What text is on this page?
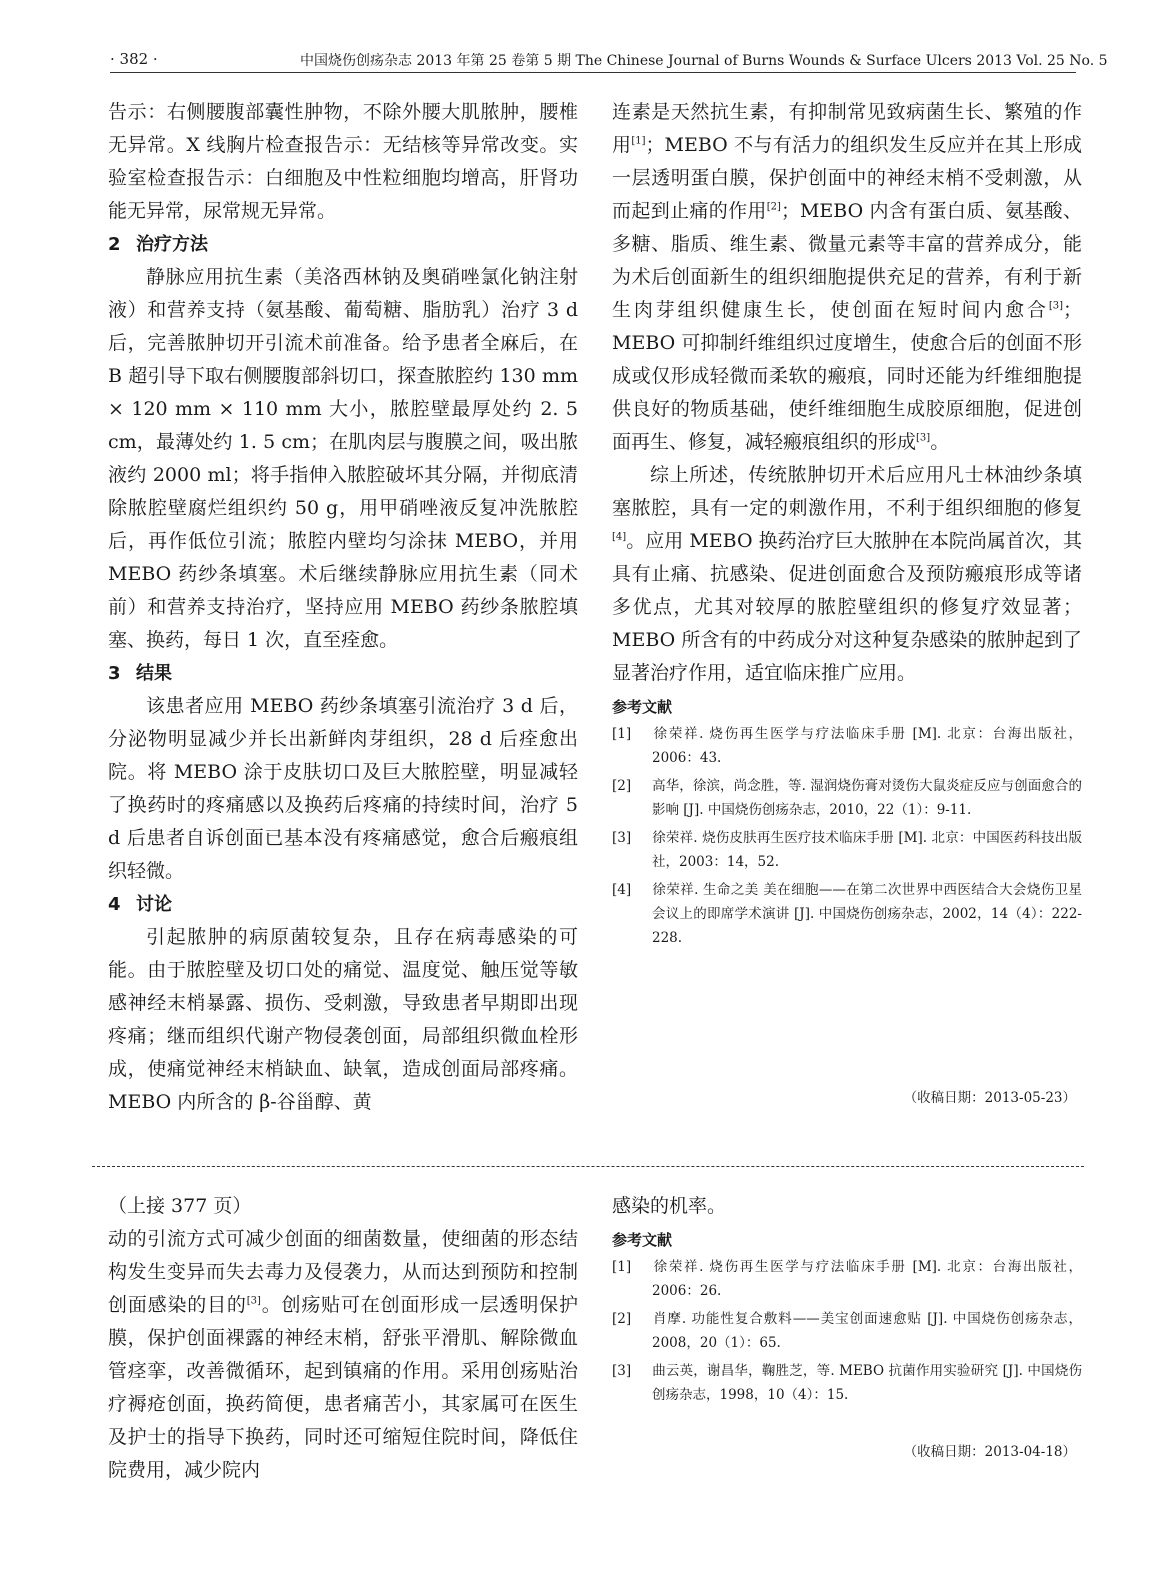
· 382 ·	中国烧伤创疡杂志 2013 年第 25 卷第 5 期 The Chinese Journal of Burns Wounds & Surface Ulcers 2013 Vol. 25 No. 5

告示：右侧腰腹部囊性肿物，不除外腰大肌脓肿，腰椎无异常。X 线胸片检查报告示：无结核等异常改变。实验室检查报告示：白细胞及中性粒细胞均增高，肝肾功能无异常，尿常规无异常。

2 治疗方法

静脉应用抗生素（美洛西林钠及奥硝唑氯化钠注射液）和营养支持（氨基酸、葡萄糖、脂肪乳）治疗 3 d 后，完善脓肿切开引流术前准备。给予患者全麻后，在 B 超引导下取右侧腰腹部斜切口，探查脓腔约 130 mm × 120 mm × 110 mm 大小，脓腔壁最厚处约 2. 5 cm，最薄处约 1. 5 cm；在肌肉层与腹膜之间，吸出脓液约 2000 ml；将手指伸入脓腔破坏其分隔，并彻底清除脓腔壁腐烂组织约 50 g，用甲硝唑液反复冲洗脓腔后，再作低位引流；脓腔内壁均匀涂抹 MEBO，并用 MEBO 药纱条填塞。术后继续静脉应用抗生素（同术前）和营养支持治疗，坚持应用 MEBO 药纱条脓腔填塞、换药，每日 1 次，直至痊愈。

3 结果

该患者应用 MEBO 药纱条填塞引流治疗 3 d 后，分泌物明显减少并长出新鲜肉芽组织，28 d 后痊愈出院。将 MEBO 涂于皮肤切口及巨大脓腔壁，明显减轻了换药时的疼痛感以及换药后疼痛的持续时间，治疗 5 d 后患者自诉创面已基本没有疼痛感觉，愈合后瘢痕组织轻微。

4 讨论

引起脓肿的病原菌较复杂，且存在病毒感染的可能。由于脓腔壁及切口处的痛觉、温度觉、触压觉等敏感神经末梢暴露、损伤、受刺激，导致患者早期即出现疼痛；继而组织代谢产物侵袭创面，局部组织微血栓形成，使痛觉神经末梢缺血、缺氧，造成创面局部疼痛。MEBO 内所含的 β-谷甾醇、黄

连素是天然抗生素，有抑制常见致病菌生长、繁殖的作用[1]；MEBO 不与有活力的组织发生反应并在其上形成一层透明蛋白膜，保护创面中的神经末梢不受刺激，从而起到止痛的作用[2]；MEBO 内含有蛋白质、氨基酸、多糖、脂质、维生素、微量元素等丰富的营养成分，能为术后创面新生的组织细胞提供充足的营养，有利于新生肉芽组织健康生长，使创面在短时间内愈合[3]；MEBO 可抑制纤维组织过度增生，使愈合后的创面不形成或仅形成轻微而柔软的瘢痕，同时还能为纤维细胞提供良好的物质基础，使纤维细胞生成胶原细胞，促进创面再生、修复，减轻瘢痕组织的形成[3]。

综上所述，传统脓肿切开术后应用凡士林油纱条填塞脓腔，具有一定的刺激作用，不利于组织细胞的修复[4]。应用 MEBO 换药治疗巨大脓肿在本院尚属首次，其具有止痛、抗感染、促进创面愈合及预防瘢痕形成等诸多优点，尤其对较厚的脓腔壁组织的修复疗效显著；MEBO 所含有的中药成分对这种复杂感染的脓肿起到了显著治疗作用，适宜临床推广应用。

参考文献

[1] 徐荣祥. 烧伤再生医学与疗法临床手册 [M]. 北京：台海出版社，2006：43.

[2] 高华，徐滨，尚念胜，等. 湿润烧伤膏对烫伤大鼠炎症反应与创面愈合的影响 [J]. 中国烧伤创疡杂志，2010，22（1）：9-11.

[3] 徐荣祥. 烧伤皮肤再生医疗技术临床手册 [M]. 北京：中国医药科技出版社，2003：14，52.

[4] 徐荣祥. 生命之美 美在细胞——在第二次世界中西医结合大会烧伤卫星会议上的即席学术演讲 [J]. 中国烧伤创疡杂志，2002，14（4）：222-228.

（收稿日期：2013-05-23）

（上接 377 页）

动的引流方式可减少创面的细菌数量，使细菌的形态结构发生变异而失去毒力及侵袭力，从而达到预防和控制创面感染的目的[3]。创疡贴可在创面形成一层透明保护膜，保护创面裸露的神经末梢，舒张平滑肌、解除微血管痉挛，改善微循环，起到镇痛的作用。采用创疡贴治疗褥疮创面，换药简便，患者痛苦小，其家属可在医生及护士的指导下换药，同时还可缩短住院时间，降低住院费用，减少院内

感染的机率。

参考文献

[1] 徐荣祥. 烧伤再生医学与疗法临床手册 [M]. 北京：台海出版社，2006：26.

[2] 肖摩. 功能性复合敷料——美宝创面速愈贴 [J]. 中国烧伤创疡杂志，2008，20（1）：65.

[3] 曲云英，谢昌华，鞠胜芝，等. MEBO 抗菌作用实验研究 [J]. 中国烧伤创疡杂志，1998，10（4）：15.

（收稿日期：2013-04-18）
